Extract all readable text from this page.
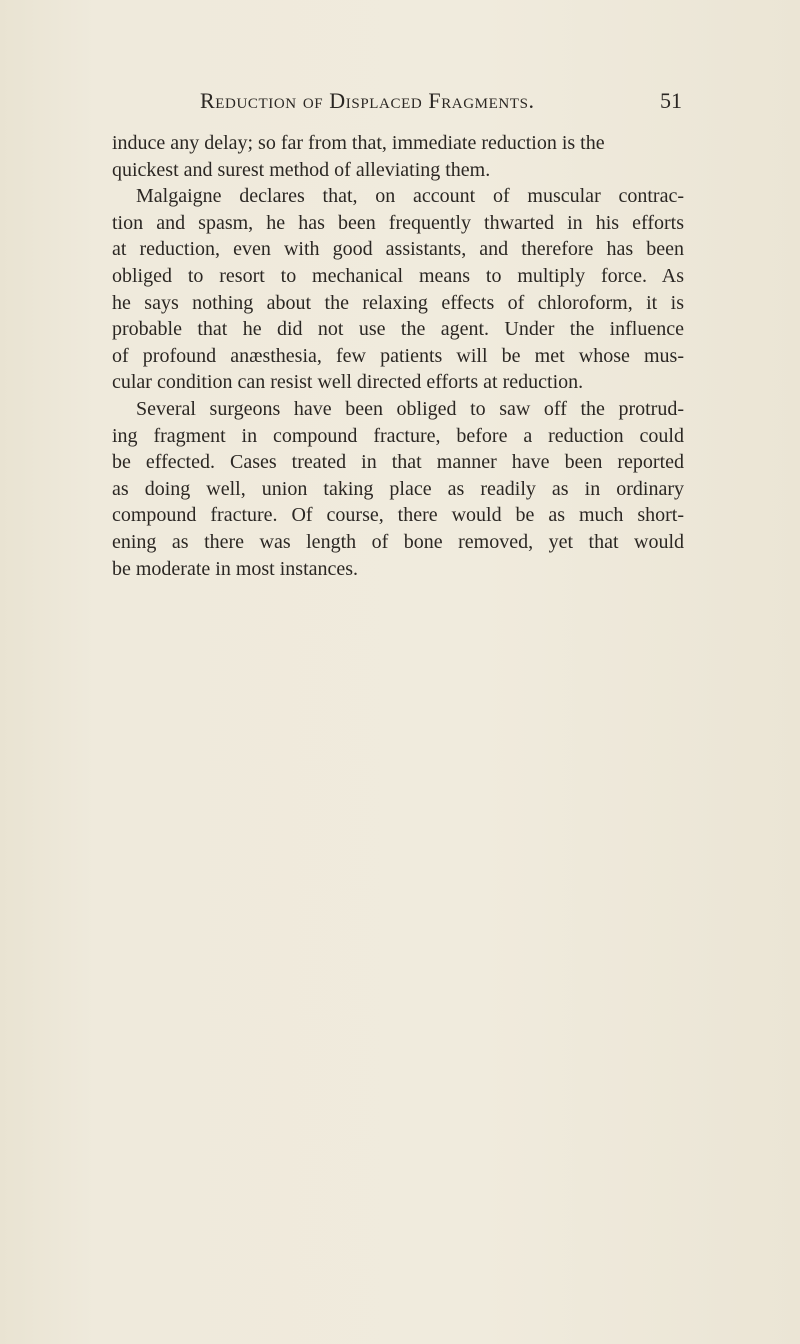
Reduction of Displaced Fragments.	51
induce any delay; so far from that, immediate reduction is the
quickest and surest method of alleviating them.
Malgaigne declares that, on account of muscular contrac-
tion and spasm, he has been frequently thwarted in his efforts
at reduction, even with good assistants, and therefore has been
obliged to resort to mechanical means to multiply force. As
he says nothing about the relaxing effects of chloroform, it is
probable that he did not use the agent. Under the influence
of profound anæsthesia, few patients will be met whose mus-
cular condition can resist well directed efforts at reduction.
Several surgeons have been obliged to saw off the protrud-
ing fragment in compound fracture, before a reduction could
be effected. Cases treated in that manner have been reported
as doing well, union taking place as readily as in ordinary
compound fracture. Of course, there would be as much short-
ening as there was length of bone removed, yet that would
be moderate in most instances.
